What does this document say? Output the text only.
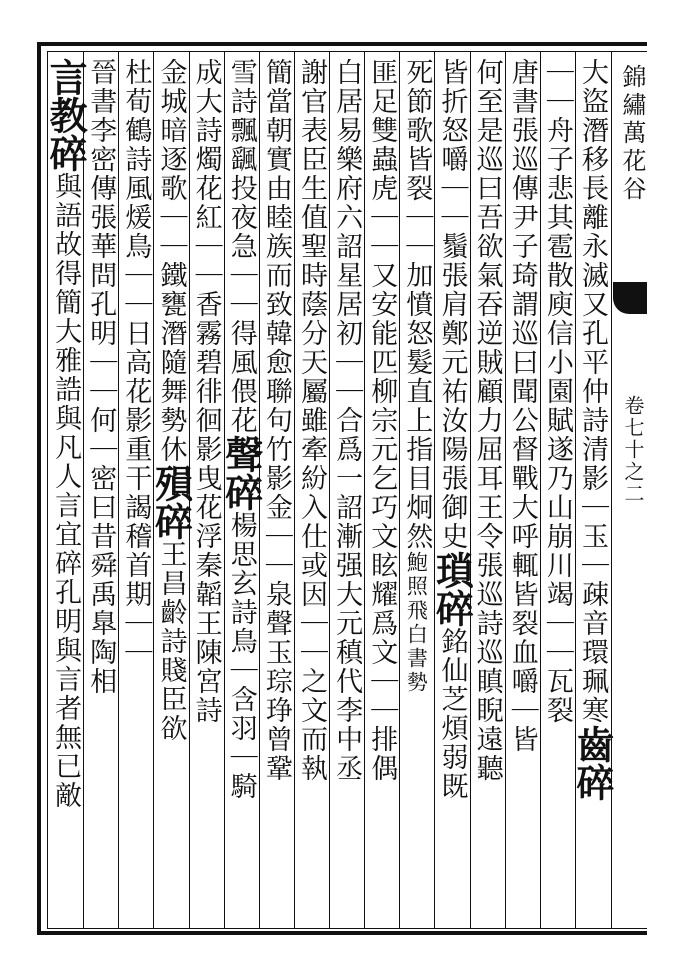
錦繡萬花谷
卷七十之二
大盜潛移長離永滅又孔平仲詩清影｜玉｜疎音環珮寒齒碎
｜｜舟子悲其雹散庾信小園賦遂乃山崩川竭｜｜瓦裂
唐書張巡傳尹子琦謂巡曰聞公督戰大呼輒皆裂血嚼｜皆
何至是巡曰吾欲氣吞逆賊顧力屈耳王令張巡詩巡瞋睨遠聽
皆折怒嚼｜｜鬚張肩鄭元祐汝陽張御史瑣碎銘仙芝煩弱既
死節歌皆裂｜｜加憤怒髮直上指目炯然鮑照飛白書勢
匪足雙蟲虎｜｜又安能匹柳宗元乞巧文眩耀爲文｜｜排偶
白居易樂府六詔星居初｜｜合爲一詔漸强大元稹代李中丞
謝官表臣生值聖時蔭分天屬雖牽紛入仕或因｜｜之文而執
簡當朝實由睦族而致韓愈聯句竹影金｜｜泉聲玉琮琤曾鞏
雪詩飄颻投夜急｜｜得風偎花聲碎楊思玄詩鳥｜含羽｜騎
成大詩燭花紅｜｜香霧碧徘徊影曳花浮秦韜王陳宮詩
金城暗逐歌｜｜鐵甕潛隨舞勢休殞碎王昌齡詩賤臣欲
杜荀鶴詩風煖鳥｜｜日高花影重干謁稽首期｜｜
晉書李密傳張華問孔明｜｜何｜密曰昔舜禹臯陶相
言教碎與語故得簡大雅誥與凡人言宜碎孔明與言者無已敵
